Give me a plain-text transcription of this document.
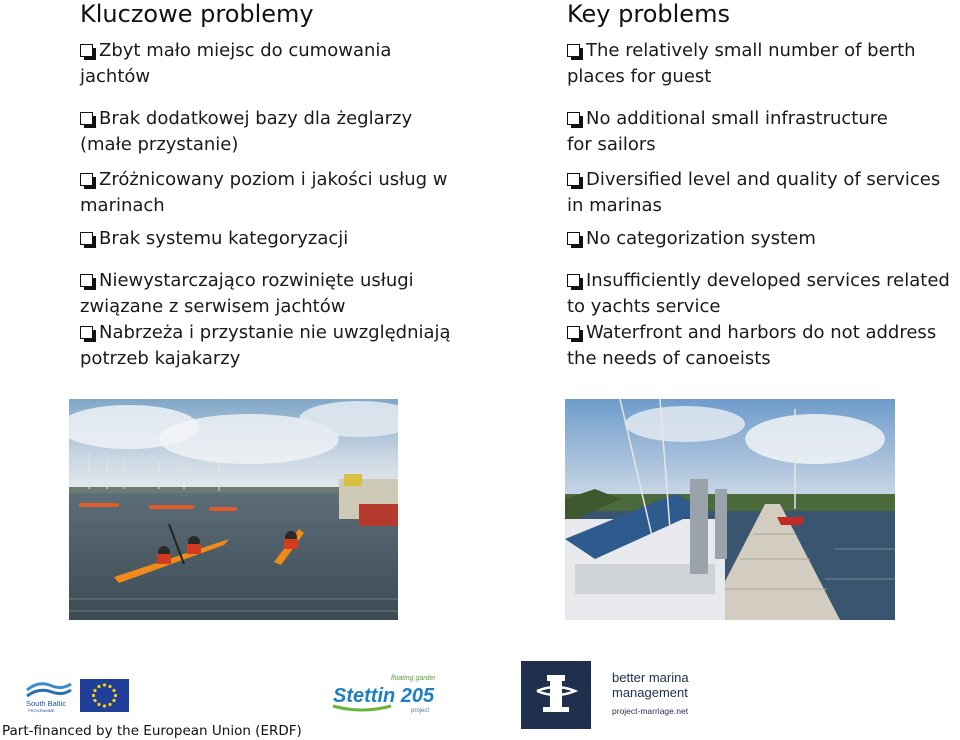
Kluczowe problemy
Zbyt mało miejsc do cumowania jachtów
Brak dodatkowej bazy dla żeglarzy (małe przystanie)
Zróżnicowany poziom i jakości usług w marinach
Brak systemu kategoryzacji
Niewystarczająco rozwinięte usługi związane z serwisem jachtów
Nabrzeża i przystanie nie uwzględniają potrzeb kajakarzy
Key problems
The relatively small number of berth places for guest
No additional small infrastructure for sailors
Diversified level and quality of services in marinas
No categorization system
Insufficiently developed services related to yachts service
Waterfront and harbors do not address the needs of canoeists
South Baltic
PROGRAMME
floating garden
Stettin 2050
project
better marina
management
project-marriage.net
Part-financed by the European Union (ERDF)
